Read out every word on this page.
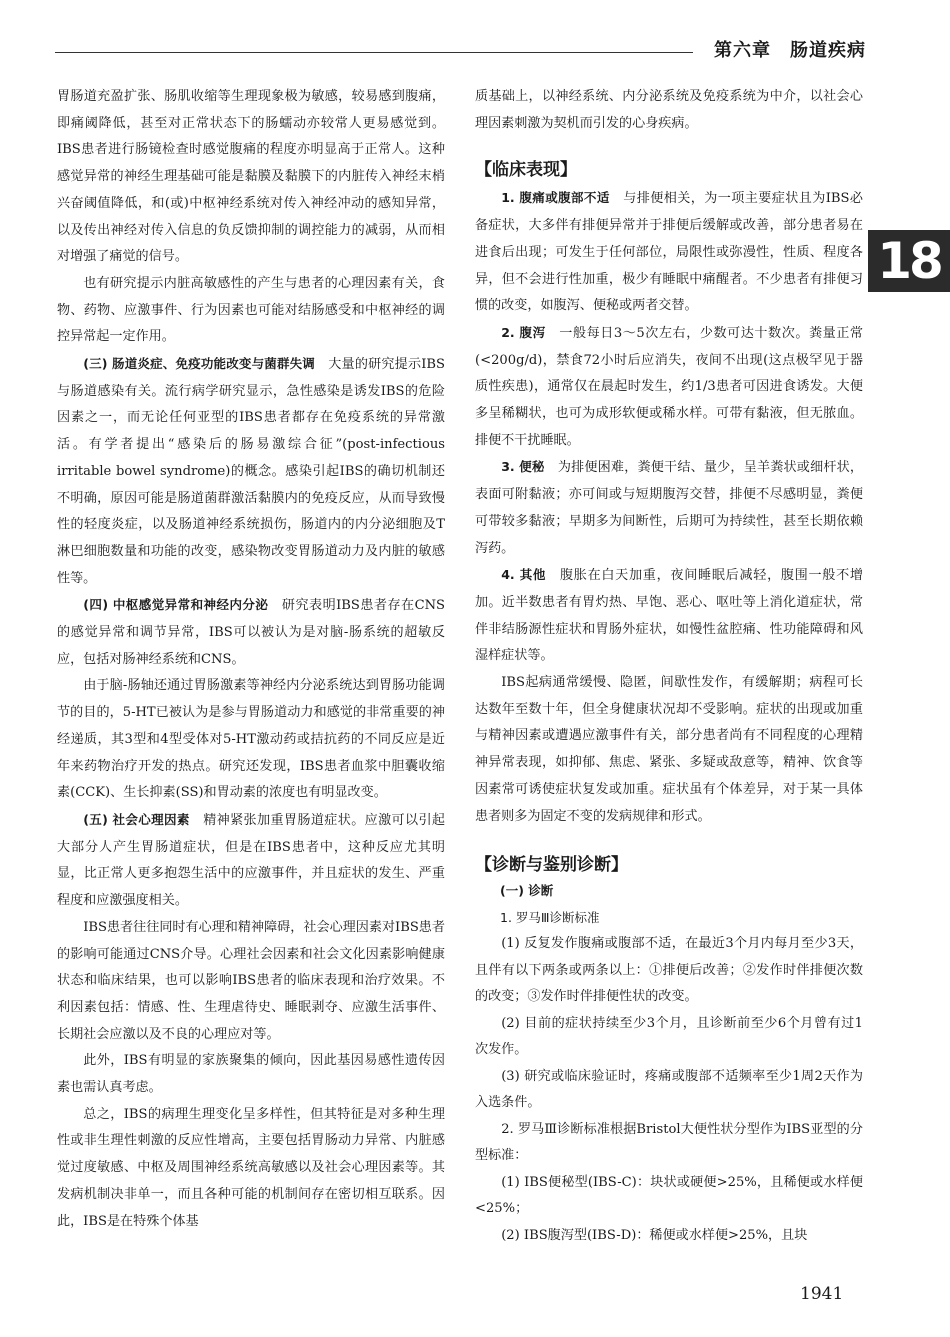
第六章　肠道疾病
18

胃肠道充盈扩张、肠肌收缩等生理现象极为敏感，较易感到腹痛，即痛阈降低，甚至对正常状态下的肠蠕动亦较常人更易感觉到。IBS患者进行肠镜检查时感觉腹痛的程度亦明显高于正常人。这种感觉异常的神经生理基础可能是黏膜及黏膜下的内脏传入神经末梢兴奋阈值降低，和(或)中枢神经系统对传入神经冲动的感知异常，以及传出神经对传入信息的负反馈抑制的调控能力的减弱，从而相对增强了痛觉的信号。

也有研究提示内脏高敏感性的产生与患者的心理因素有关，食物、药物、应激事件、行为因素也可能对结肠感受和中枢神经的调控异常起一定作用。

(三) 肠道炎症、免疫功能改变与菌群失调　 大量的研究提示IBS与肠道感染有关。流行病学研究显示，急性感染是诱发IBS的危险因素之一，而无论任何亚型的IBS患者都存在免疫系统的异常激活。有学者提出“感染后的肠易激综合征”(post-infectious irritable bowel syndrome)的概念。感染引起IBS的确切机制还不明确，原因可能是肠道菌群激活黏膜内的免疫反应，从而导致慢性的轻度炎症，以及肠道神经系统损伤，肠道内的内分泌细胞及T淋巴细胞数量和功能的改变，感染物改变胃肠道动力及内脏的敏感性等。

(四) 中枢感觉异常和神经内分泌　 研究表明IBS患者存在CNS的感觉异常和调节异常，IBS可以被认为是对脑-肠系统的超敏反应，包括对肠神经系统和CNS。

由于脑-肠轴还通过胃肠激素等神经内分泌系统达到胃肠功能调节的目的，5-HT已被认为是参与胃肠道动力和感觉的非常重要的神经递质，其3型和4型受体对5-HT激动药或拮抗药的不同反应是近年来药物治疗开发的热点。研究还发现，IBS患者血浆中胆囊收缩素(CCK)、生长抑素(SS)和胃动素的浓度也有明显改变。

(五) 社会心理因素　 精神紧张加重胃肠道症状。应激可以引起大部分人产生胃肠道症状，但是在IBS患者中，这种反应尤其明显，比正常人更多抱怨生活中的应激事件，并且症状的发生、严重程度和应激强度相关。

IBS患者往往同时有心理和精神障碍，社会心理因素对IBS患者的影响可能通过CNS介导。心理社会因素和社会文化因素影响健康状态和临床结果，也可以影响IBS患者的临床表现和治疗效果。不利因素包括：情感、性、生理虐待史、睡眠剥夺、应激生活事件、长期社会应激以及不良的心理应对等。

此外，IBS有明显的家族聚集的倾向，因此基因易感性遗传因素也需认真考虑。

总之，IBS的病理生理变化呈多样性，但其特征是对多种生理性或非生理性刺激的反应性增高，主要包括胃肠动力异常、内脏感觉过度敏感、中枢及周围神经系统高敏感以及社会心理因素等。其发病机制决非单一，而且各种可能的机制间存在密切相互联系。因此，IBS是在特殊个体基

质基础上，以神经系统、内分泌系统及免疫系统为中介，以社会心理因素刺激为契机而引发的心身疾病。

【临床表现】

1. 腹痛或腹部不适　 与排便相关，为一项主要症状且为IBS必备症状，大多伴有排便异常并于排便后缓解或改善，部分患者易在进食后出现；可发生于任何部位，局限性或弥漫性，性质、程度各异，但不会进行性加重，极少有睡眠中痛醒者。不少患者有排便习惯的改变，如腹泻、便秘或两者交替。

2. 腹泻　 一般每日3～5次左右，少数可达十数次。粪量正常(<200g/d)，禁食72小时后应消失，夜间不出现(这点极罕见于器质性疾患)，通常仅在晨起时发生，约1/3患者可因进食诱发。大便多呈稀糊状，也可为成形软便或稀水样。可带有黏液，但无脓血。排便不干扰睡眠。

3. 便秘　 为排便困难，粪便干结、量少，呈羊粪状或细杆状，表面可附黏液；亦可间或与短期腹泻交替，排便不尽感明显，粪便可带较多黏液；早期多为间断性，后期可为持续性，甚至长期依赖泻药。

4. 其他　 腹胀在白天加重，夜间睡眠后减轻，腹围一般不增加。近半数患者有胃灼热、早饱、恶心、呕吐等上消化道症状，常伴非结肠源性症状和胃肠外症状，如慢性盆腔痛、性功能障碍和风湿样症状等。

IBS起病通常缓慢、隐匿，间歇性发作，有缓解期；病程可长达数年至数十年，但全身健康状况却不受影响。症状的出现或加重与精神因素或遭遇应激事件有关，部分患者尚有不同程度的心理精神异常表现，如抑郁、焦虑、紧张、多疑或敌意等，精神、饮食等因素常可诱使症状复发或加重。症状虽有个体差异，对于某一具体患者则多为固定不变的发病规律和形式。

【诊断与鉴别诊断】
(一) 诊断
1. 罗马Ⅲ诊断标准

(1) 反复发作腹痛或腹部不适，在最近3个月内每月至少3天，且伴有以下两条或两条以上：①排便后改善；②发作时伴排便次数的改变；③发作时伴排便性状的改变。

(2) 目前的症状持续至少3个月，且诊断前至少6个月曾有过1次发作。

(3) 研究或临床验证时，疼痛或腹部不适频率至少1周2天作为入选条件。

2. 罗马Ⅲ诊断标准根据Bristol大便性状分型作为IBS亚型的分型标准：

(1) IBS便秘型(IBS-C)：块状或硬便>25%，且稀便或水样便<25%；

(2) IBS腹泻型(IBS-D)：稀便或水样便>25%，且块

1941
